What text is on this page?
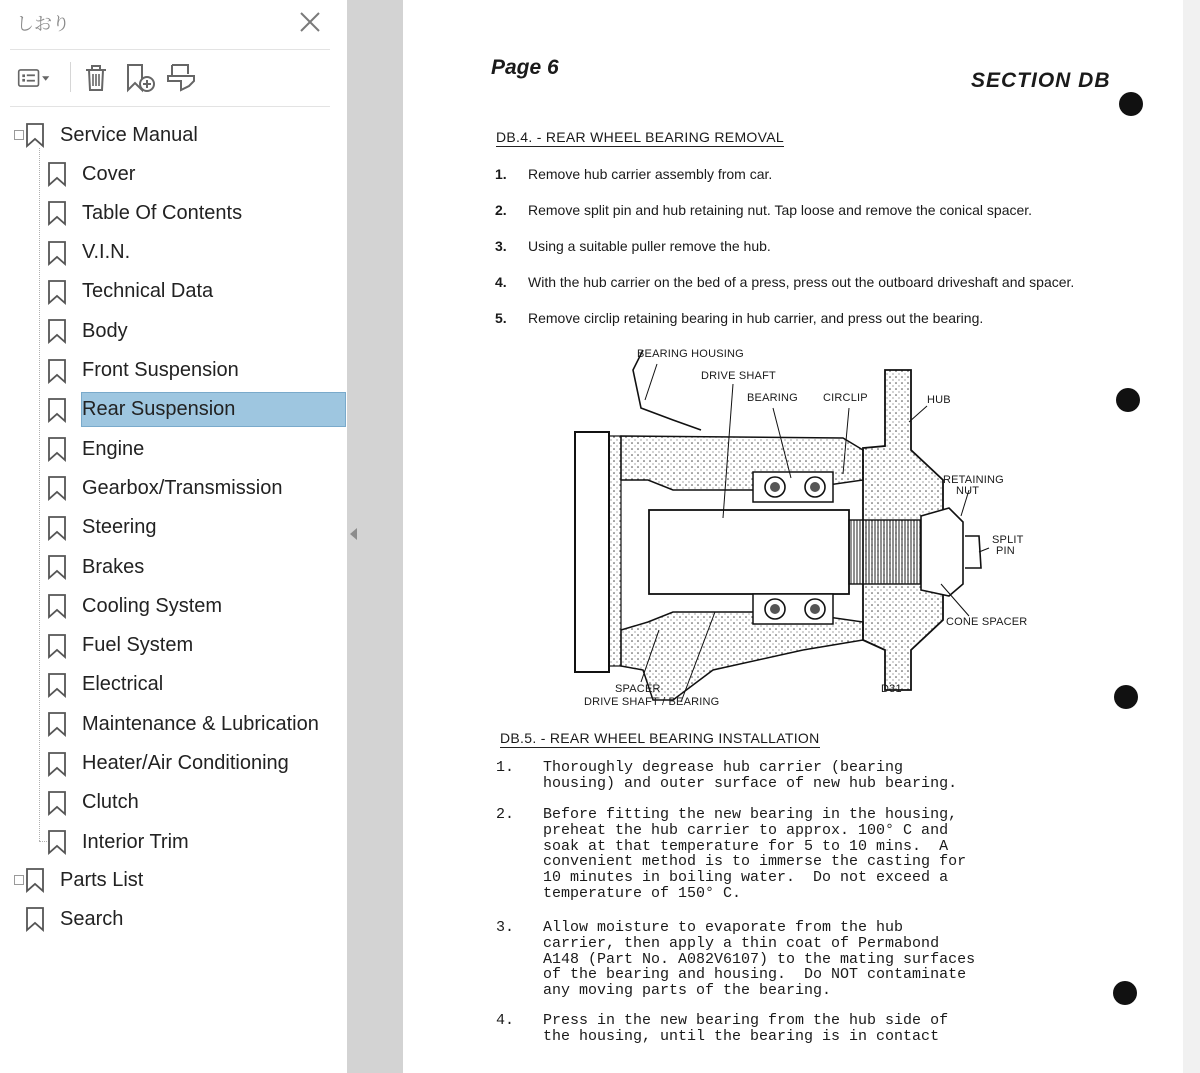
しおり
Service Manual
Cover
Table Of Contents
V.I.N.
Technical Data
Body
Front Suspension
Rear Suspension
Engine
Gearbox/Transmission
Steering
Brakes
Cooling System
Fuel System
Electrical
Maintenance & Lubrication
Heater/Air Conditioning
Clutch
Interior Trim
Parts List
Search
Page 6
SECTION DB
DB.4. - REAR WHEEL BEARING REMOVAL
1. Remove hub carrier assembly from car.
2. Remove split pin and hub retaining nut. Tap loose and remove the conical spacer.
3. Using a suitable puller remove the hub.
4. With the hub carrier on the bed of a press, press out the outboard driveshaft and spacer.
5. Remove circlip retaining bearing in hub carrier, and press out the bearing.
BEARING HOUSING
DRIVE SHAFT
BEARING CIRCLIP	HUB
RETAINING
NUT
SPLIT
PIN
CONE SPACER
SPACER
DRIVE SHAFT / BEARING
D31
DB.5. - REAR WHEEL BEARING INSTALLATION
1. Thoroughly degrease hub carrier (bearing
housing) and outer surface of new hub bearing.
2. Before fitting the new bearing in the housing,
preheat the hub carrier to approx. 100° C and
soak at that temperature for 5 to 10 mins.  A
convenient method is to immerse the casting for
10 minutes in boiling water.  Do not exceed a
temperature of 150° C.
3. Allow moisture to evaporate from the hub
carrier, then apply a thin coat of Permabond
A148 (Part No. A082V6107) to the mating surfaces
of the bearing and housing.  Do NOT contaminate
any moving parts of the bearing.
4. Press in the new bearing from the hub side of
the housing, until the bearing is in contact
